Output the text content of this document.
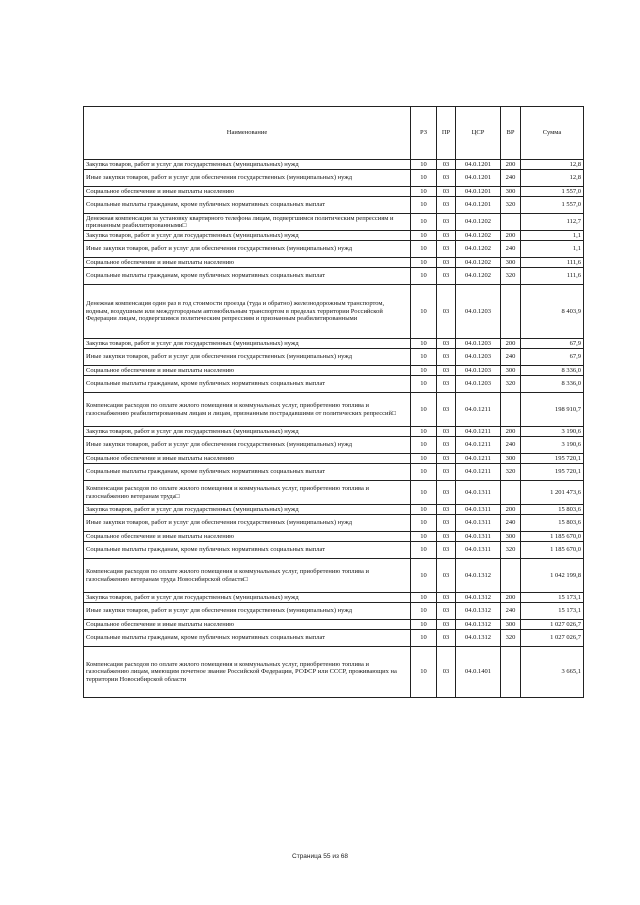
Наименование	РЗ	ПР	ЦСР	ВР	Сумма
Закупка товаров, работ и услуг для государственных (муниципальных) нужд	10	03	04.0.1201	200	12,8
Иные закупки товаров, работ и услуг для обеспечения государственных (муниципальных) нужд	10	03	04.0.1201	240	12,8
Социальное обеспечение и иные выплаты населению	10	03	04.0.1201	300	1 557,0
Социальные выплаты гражданам, кроме публичных нормативных социальных выплат	10	03	04.0.1201	320	1 557,0
Денежная компенсация за установку квартирного телефона лицам, подвергшимся политическим репрессиям и признанным реабилитированными□	10	03	04.0.1202		112,7
Закупка товаров, работ и услуг для государственных (муниципальных) нужд	10	03	04.0.1202	200	1,1
Иные закупки товаров, работ и услуг для обеспечения государственных (муниципальных) нужд	10	03	04.0.1202	240	1,1
Социальное обеспечение и иные выплаты населению	10	03	04.0.1202	300	111,6
Социальные выплаты гражданам, кроме публичных нормативных социальных выплат	10	03	04.0.1202	320	111,6
Денежная компенсация один раз в год стоимости проезда (туда и обратно) железнодорожным транспортом, водным, воздушным или междугородным автомобильным транспортом в пределах территории Российской Федерации лицам, подвергшимся политическим репрессиям и признанным реабилитированными	10	03	04.0.1203		8 403,9
Закупка товаров, работ и услуг для государственных (муниципальных) нужд	10	03	04.0.1203	200	67,9
Иные закупки товаров, работ и услуг для обеспечения государственных (муниципальных) нужд	10	03	04.0.1203	240	67,9
Социальное обеспечение и иные выплаты населению	10	03	04.0.1203	300	8 336,0
Социальные выплаты гражданам, кроме публичных нормативных социальных выплат	10	03	04.0.1203	320	8 336,0
Компенсация расходов по оплате жилого помещения и коммунальных услуг, приобретению топлива и газоснабжению реабилитированным лицам и лицам, признанным пострадавшими от политических репрессий□	10	03	04.0.1211		198 910,7
Закупка товаров, работ и услуг для государственных (муниципальных) нужд	10	03	04.0.1211	200	3 190,6
Иные закупки товаров, работ и услуг для обеспечения государственных (муниципальных) нужд	10	03	04.0.1211	240	3 190,6
Социальное обеспечение и иные выплаты населению	10	03	04.0.1211	300	195 720,1
Социальные выплаты гражданам, кроме публичных нормативных социальных выплат	10	03	04.0.1211	320	195 720,1
Компенсация расходов по оплате жилого помещения и коммунальных услуг, приобретению топлива и газоснабжению ветеранам труда□	10	03	04.0.1311		1 201 473,6
Закупка товаров, работ и услуг для государственных (муниципальных) нужд	10	03	04.0.1311	200	15 803,6
Иные закупки товаров, работ и услуг для обеспечения государственных (муниципальных) нужд	10	03	04.0.1311	240	15 803,6
Социальное обеспечение и иные выплаты населению	10	03	04.0.1311	300	1 185 670,0
Социальные выплаты гражданам, кроме публичных нормативных социальных выплат	10	03	04.0.1311	320	1 185 670,0
Компенсация расходов по оплате жилого помещения и коммунальных услуг, приобретению топлива и газоснабжению ветеранам труда Новосибирской области□	10	03	04.0.1312		1 042 199,8
Закупка товаров, работ и услуг для государственных (муниципальных) нужд	10	03	04.0.1312	200	15 173,1
Иные закупки товаров, работ и услуг для обеспечения государственных (муниципальных) нужд	10	03	04.0.1312	240	15 173,1
Социальное обеспечение и иные выплаты населению	10	03	04.0.1312	300	1 027 026,7
Социальные выплаты гражданам, кроме публичных нормативных социальных выплат	10	03	04.0.1312	320	1 027 026,7
Компенсация расходов по оплате жилого помещения и коммунальных услуг, приобретению топлива и газоснабжению лицам, имеющим почетное звание Российской Федерации, РСФСР или СССР, проживающих на территории Новосибирской области	10	03	04.0.1401		3 665,1
Страница 55 из 68
